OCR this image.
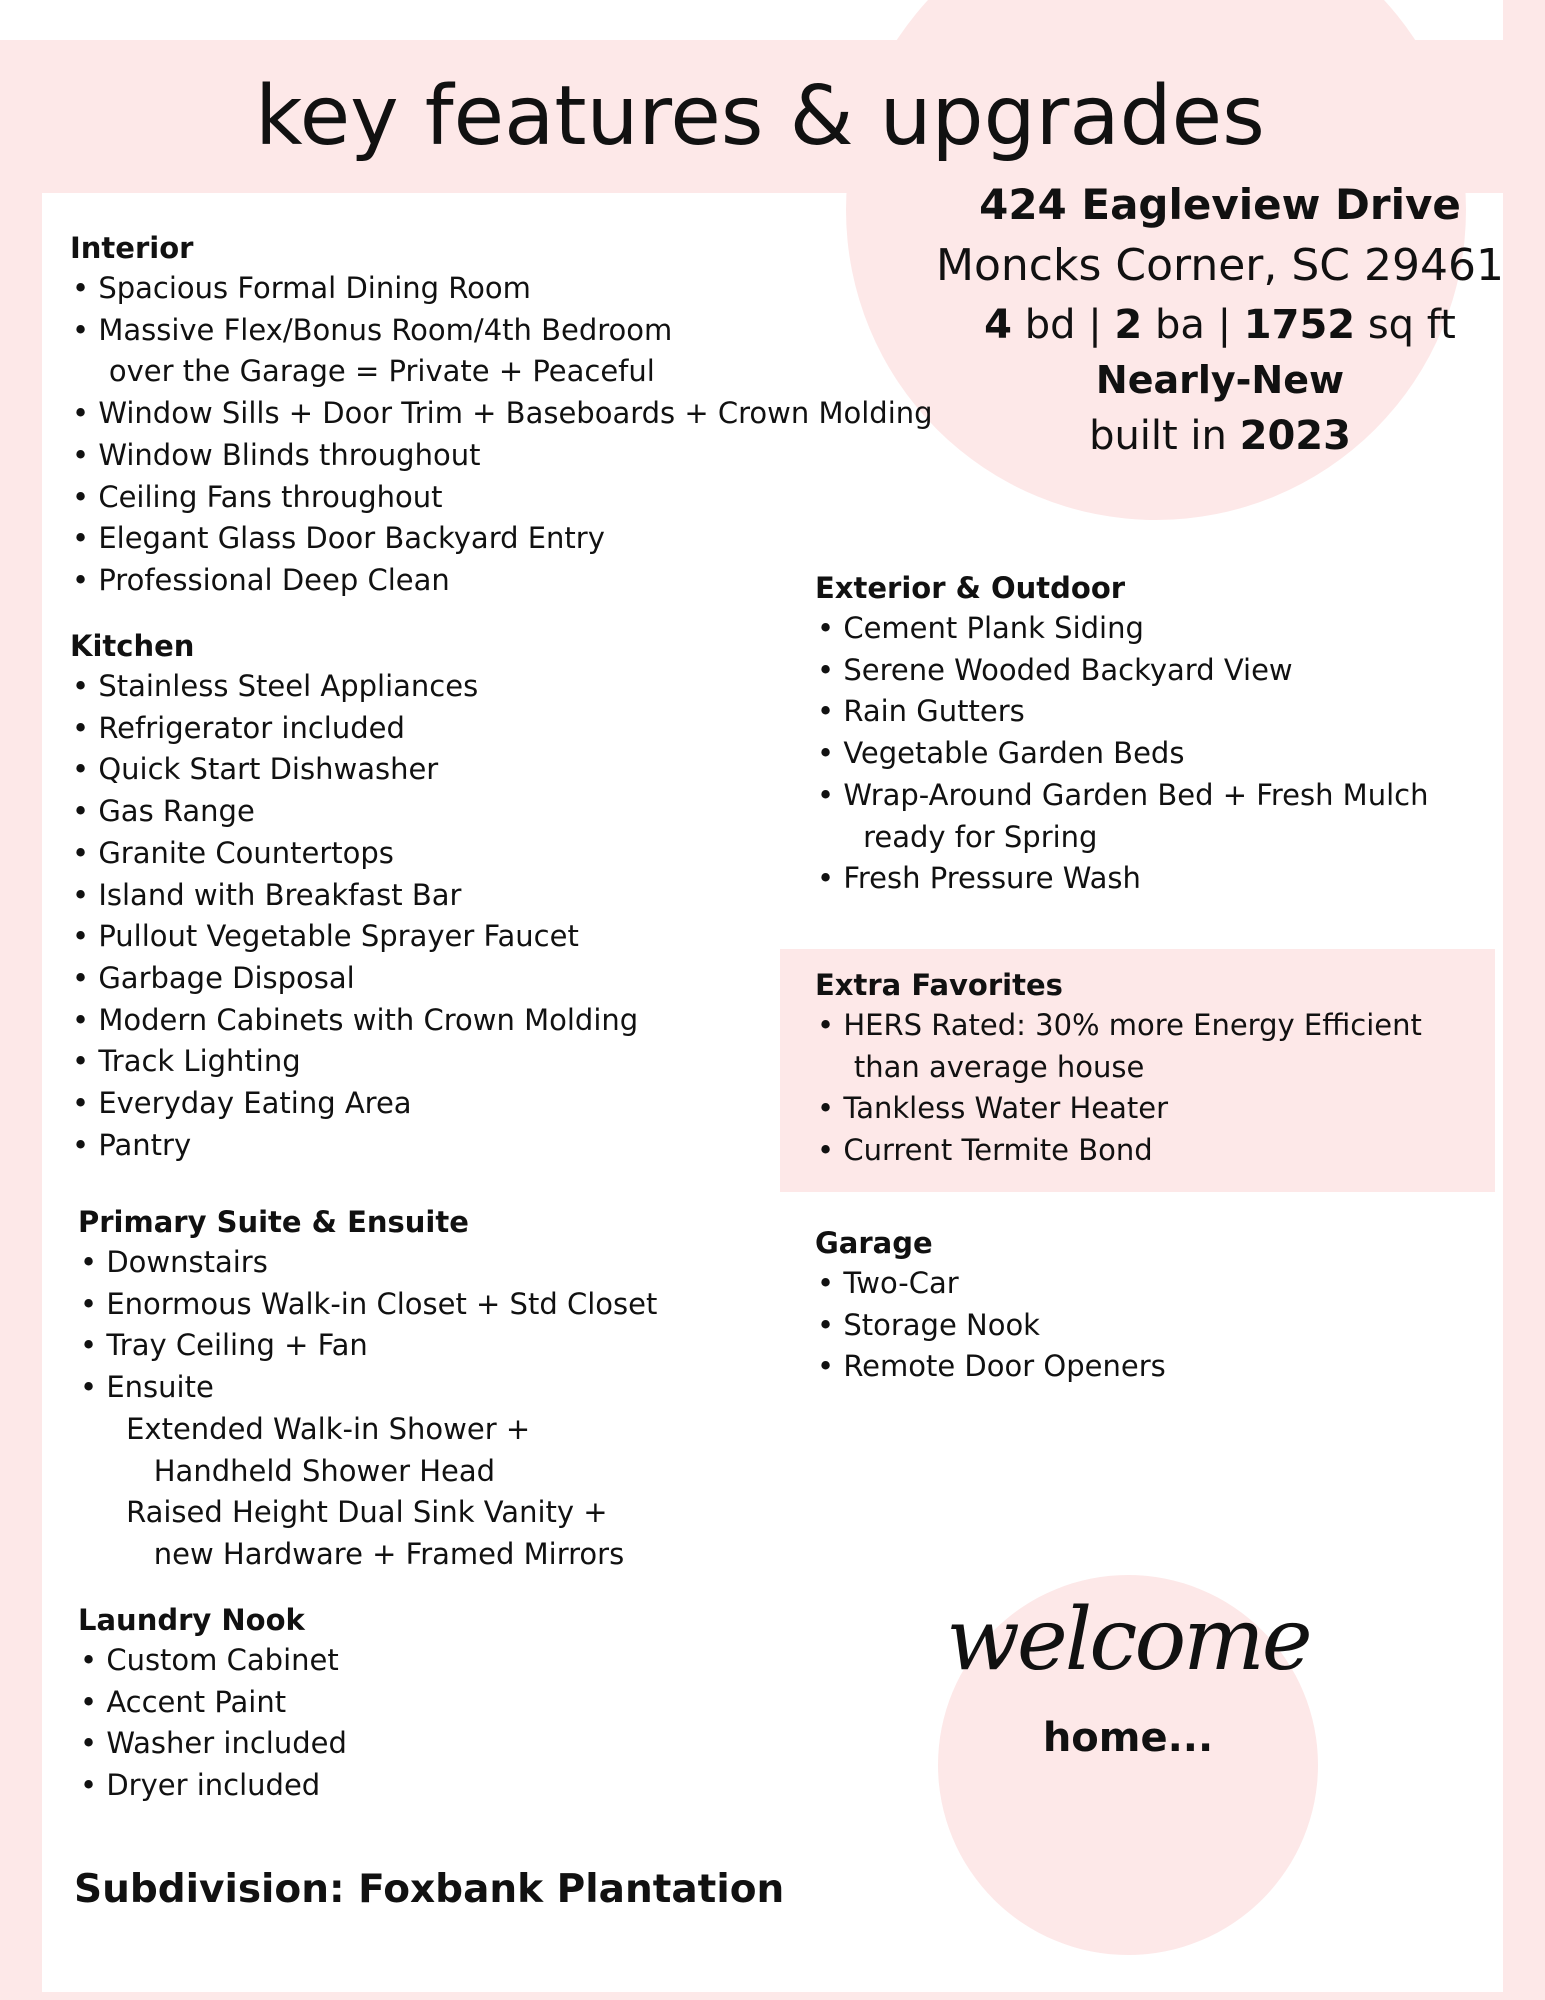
key features & upgrades
424 Eagleview Drive
Moncks Corner, SC 29461
4 bd | 2 ba | 1752 sq ft
Nearly-New
built in 2023
Interior
• Spacious Formal Dining Room
• Massive Flex/Bonus Room/4th Bedroom
over the Garage = Private + Peaceful
• Window Sills + Door Trim + Baseboards + Crown Molding
• Window Blinds throughout
• Ceiling Fans throughout
• Elegant Glass Door Backyard Entry
• Professional Deep Clean
Kitchen
• Stainless Steel Appliances
• Refrigerator included
• Quick Start Dishwasher
• Gas Range
• Granite Countertops
• Island with Breakfast Bar
• Pullout Vegetable Sprayer Faucet
• Garbage Disposal
• Modern Cabinets with Crown Molding
• Track Lighting
• Everyday Eating Area
• Pantry
Primary Suite & Ensuite
• Downstairs
• Enormous Walk-in Closet + Std Closet
• Tray Ceiling + Fan
• Ensuite
Extended Walk-in Shower +
Handheld Shower Head
Raised Height Dual Sink Vanity +
new Hardware + Framed Mirrors
Laundry Nook
• Custom Cabinet
• Accent Paint
• Washer included
• Dryer included
Exterior & Outdoor
• Cement Plank Siding
• Serene Wooded Backyard View
• Rain Gutters
• Vegetable Garden Beds
• Wrap-Around Garden Bed + Fresh Mulch
ready for Spring
• Fresh Pressure Wash
Extra Favorites
• HERS Rated: 30% more Energy Efficient
than average house
• Tankless Water Heater
• Current Termite Bond
Garage
• Two-Car
• Storage Nook
• Remote Door Openers
Subdivision: Foxbank Plantation
welcome
home...
